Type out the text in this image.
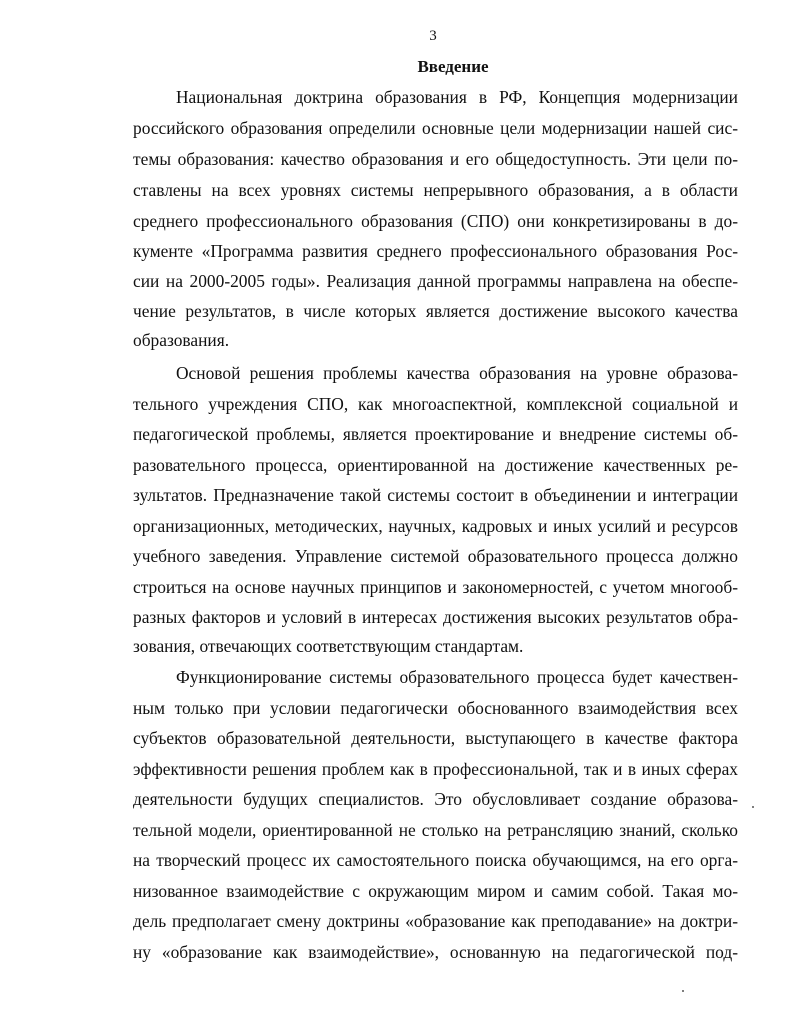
3
Введение
Национальная доктрина образования в РФ, Концепция модернизации
российского образования определили основные цели модернизации нашей сис-
темы образования: качество образования и его общедоступность. Эти цели по-
ставлены на всех уровнях системы непрерывного образования, а в области
среднего профессионального образования (СПО) они конкретизированы в до-
кументе «Программа развития среднего профессионального образования Рос-
сии на 2000-2005 годы». Реализация данной программы направлена на обеспе-
чение результатов, в числе которых является достижение высокого качества
образования.
Основой решения проблемы качества образования на уровне образова-
тельного учреждения СПО, как многоаспектной, комплексной социальной и
педагогической проблемы, является проектирование и внедрение системы об-
разовательного процесса, ориентированной на достижение качественных ре-
зультатов. Предназначение такой системы состоит в объединении и интеграции
организационных, методических, научных, кадровых и иных усилий и ресурсов
учебного заведения. Управление системой образовательного процесса должно
строиться на основе научных принципов и закономерностей, с учетом многооб-
разных факторов и условий в интересах достижения высоких результатов обра-
зования, отвечающих соответствующим стандартам.
Функционирование системы образовательного процесса будет качествен-
ным только при условии педагогически обоснованного взаимодействия всех
субъектов образовательной деятельности, выступающего в качестве фактора
эффективности решения проблем как в профессиональной, так и в иных сферах
деятельности будущих специалистов. Это обусловливает создание образова-
тельной модели, ориентированной не столько на ретрансляцию знаний, сколько
на творческий процесс их самостоятельного поиска обучающимся, на его орга-
низованное взаимодействие с окружающим миром и самим собой. Такая мо-
дель предполагает смену доктрины «образование как преподавание» на доктри-
ну «образование как взаимодействие», основанную на педагогической под-
